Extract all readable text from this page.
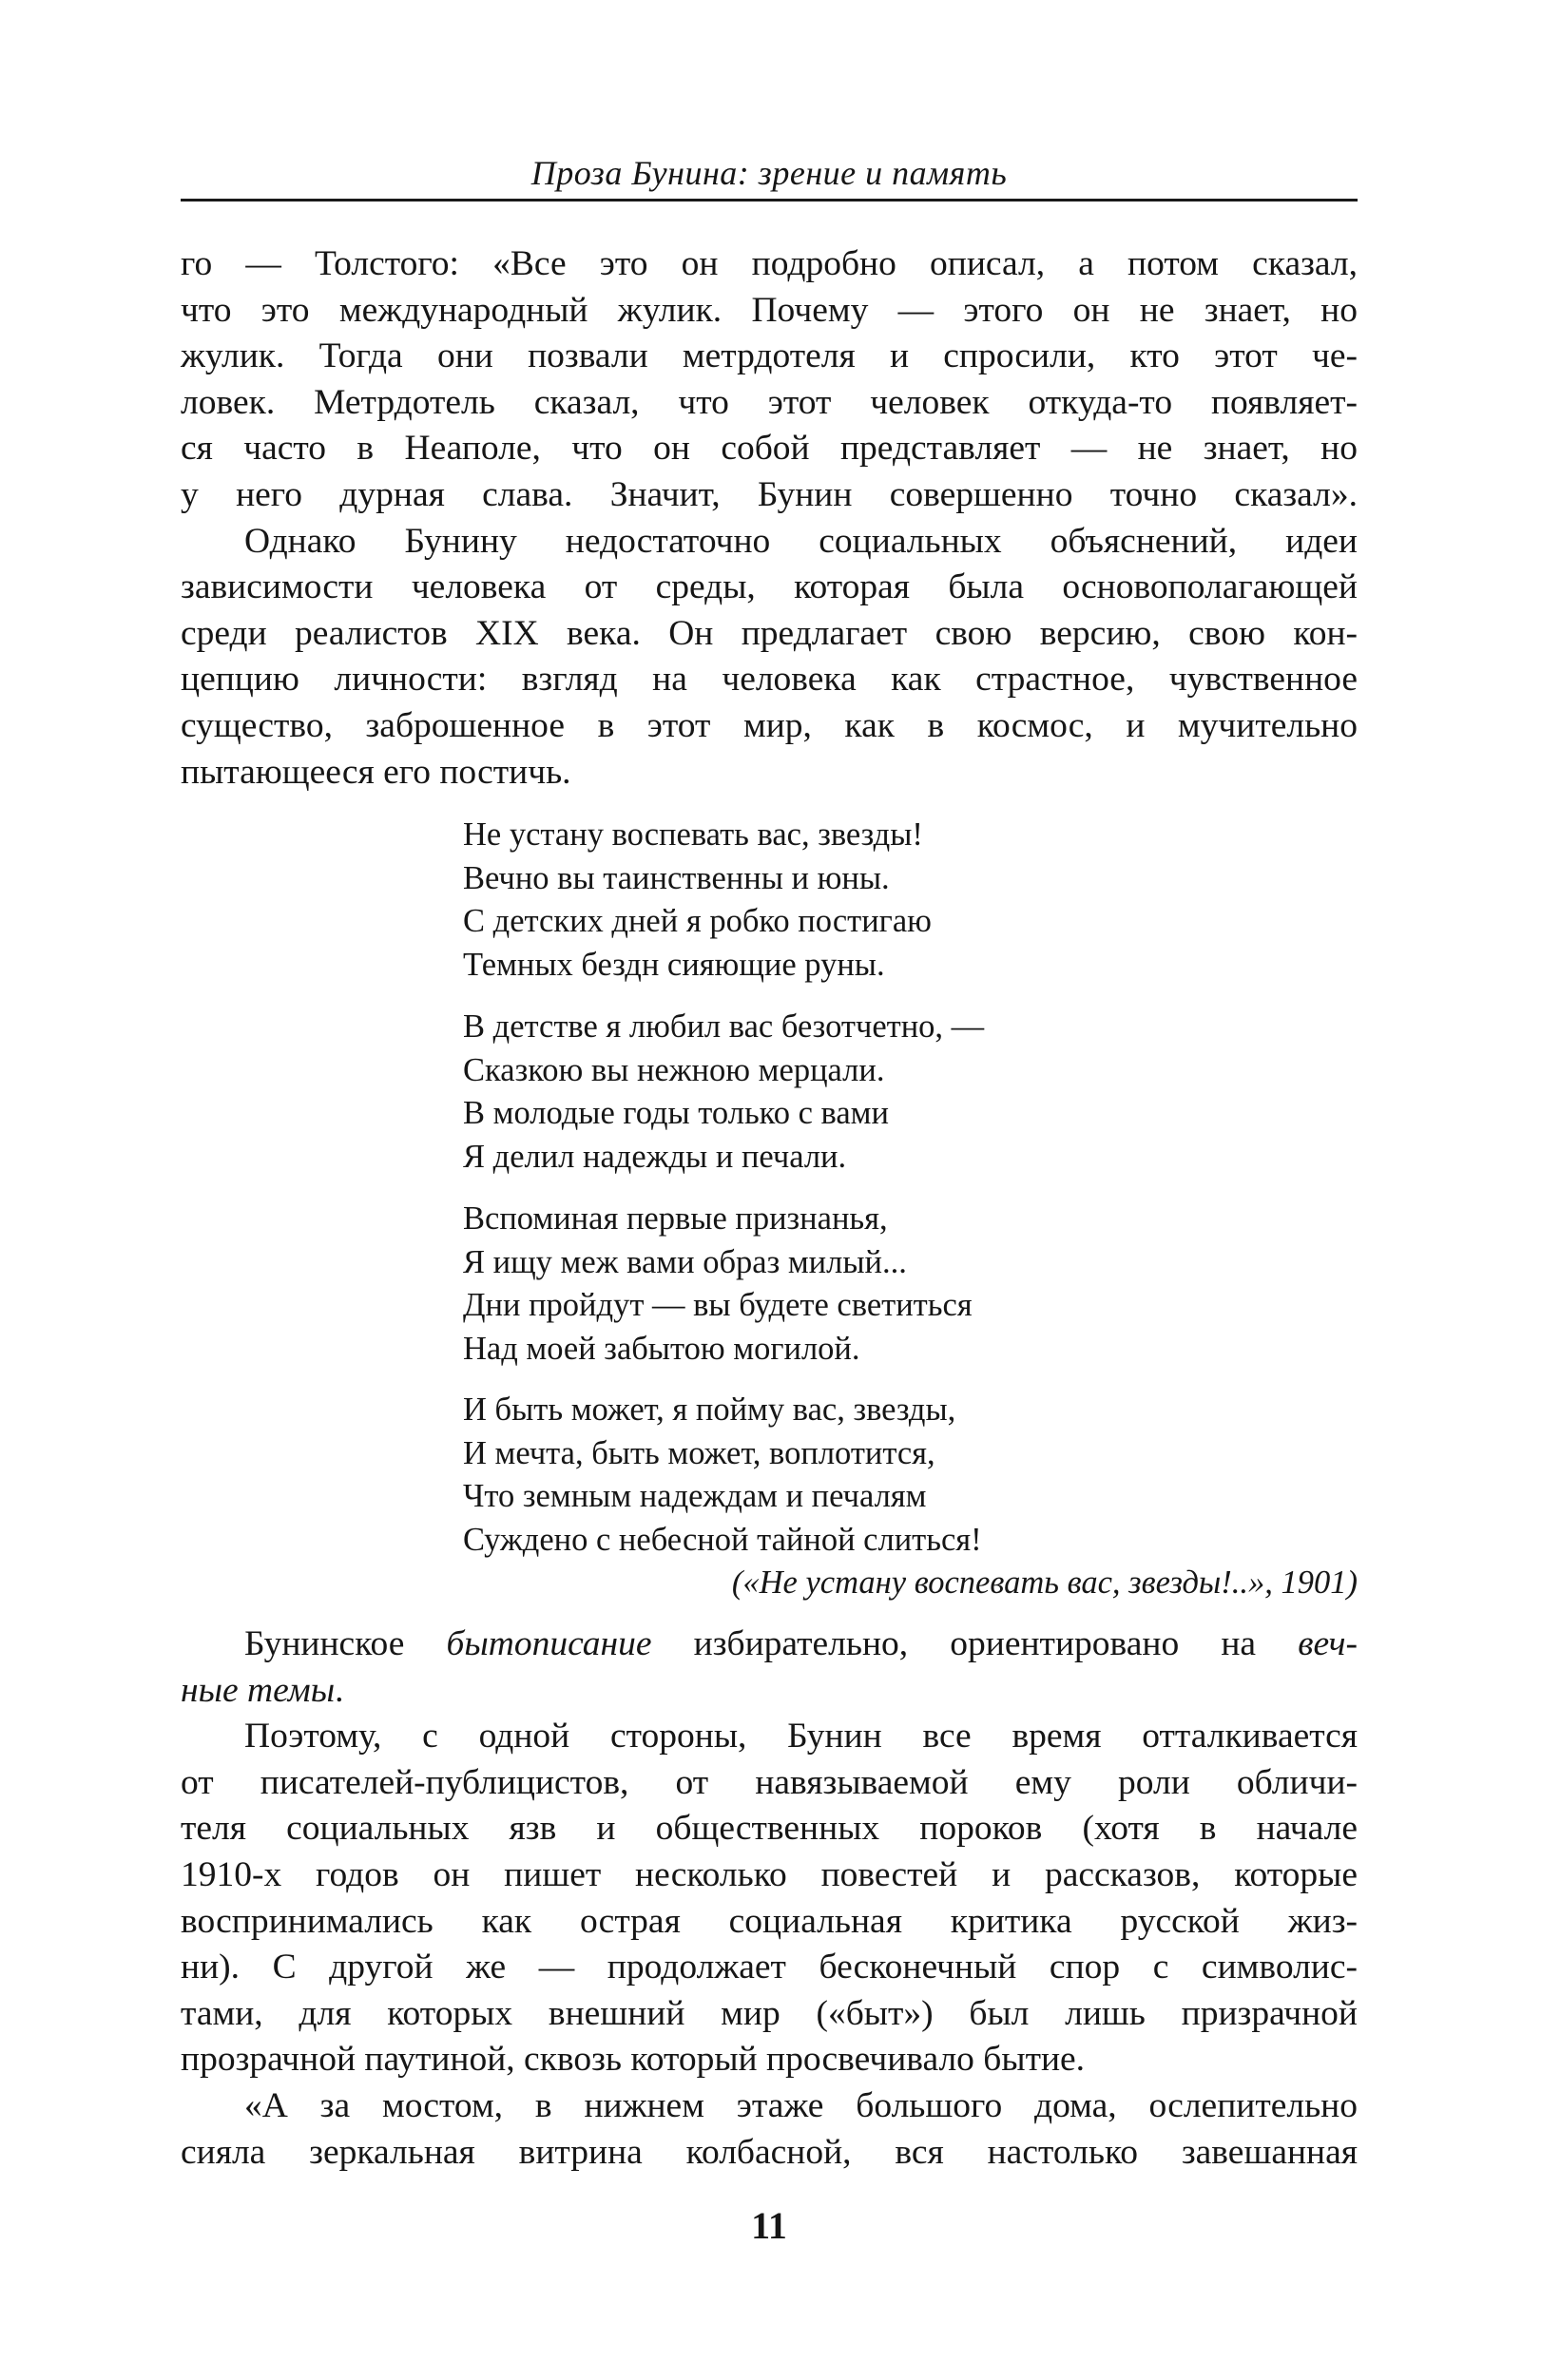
Проза Бунина: зрение и память
го — Толстого: «Все это он подробно описал, а потом сказал,
что это международный жулик. Почему — этого он не знает, но
жулик. Тогда они позвали метрдотеля и спросили, кто этот че-
ловек. Метрдотель сказал, что этот человек откуда-то появляет-
ся часто в Неаполе, что он собой представляет — не знает, но
у него дурная слава. Значит, Бунин совершенно точно сказал».
Однако Бунину недостаточно социальных объяснений, идеи
зависимости человека от среды, которая была основополагающей
среди реалистов XIX века. Он предлагает свою версию, свою кон-
цепцию личности: взгляд на человека как страстное, чувственное
существо, заброшенное в этот мир, как в космос, и мучительно
пытающееся его постичь.
Не устану воспевать вас, звезды!
Вечно вы таинственны и юны.
С детских дней я робко постигаю
Темных бездн сияющие руны.
В детстве я любил вас безотчетно, —
Сказкою вы нежною мерцали.
В молодые годы только с вами
Я делил надежды и печали.
Вспоминая первые признанья,
Я ищу меж вами образ милый...
Дни пройдут — вы будете светиться
Над моей забытою могилой.
И быть может, я пойму вас, звезды,
И мечта, быть может, воплотится,
Что земным надеждам и печалям
Суждено с небесной тайной слиться!
(«Не устану воспевать вас, звезды!..», 1901)
Бунинское бытописание избирательно, ориентировано на веч-
ные темы.
Поэтому, с одной стороны, Бунин все время отталкивается
от писателей-публицистов, от навязываемой ему роли обличи-
теля социальных язв и общественных пороков (хотя в начале
1910-х годов он пишет несколько повестей и рассказов, которые
воспринимались как острая социальная критика русской жиз-
ни). С другой же — продолжает бесконечный спор с символис-
тами, для которых внешний мир («быт») был лишь призрачной
прозрачной паутиной, сквозь который просвечивало бытие.
«А за мостом, в нижнем этаже большого дома, ослепительно
сияла зеркальная витрина колбасной, вся настолько завешанная
11
